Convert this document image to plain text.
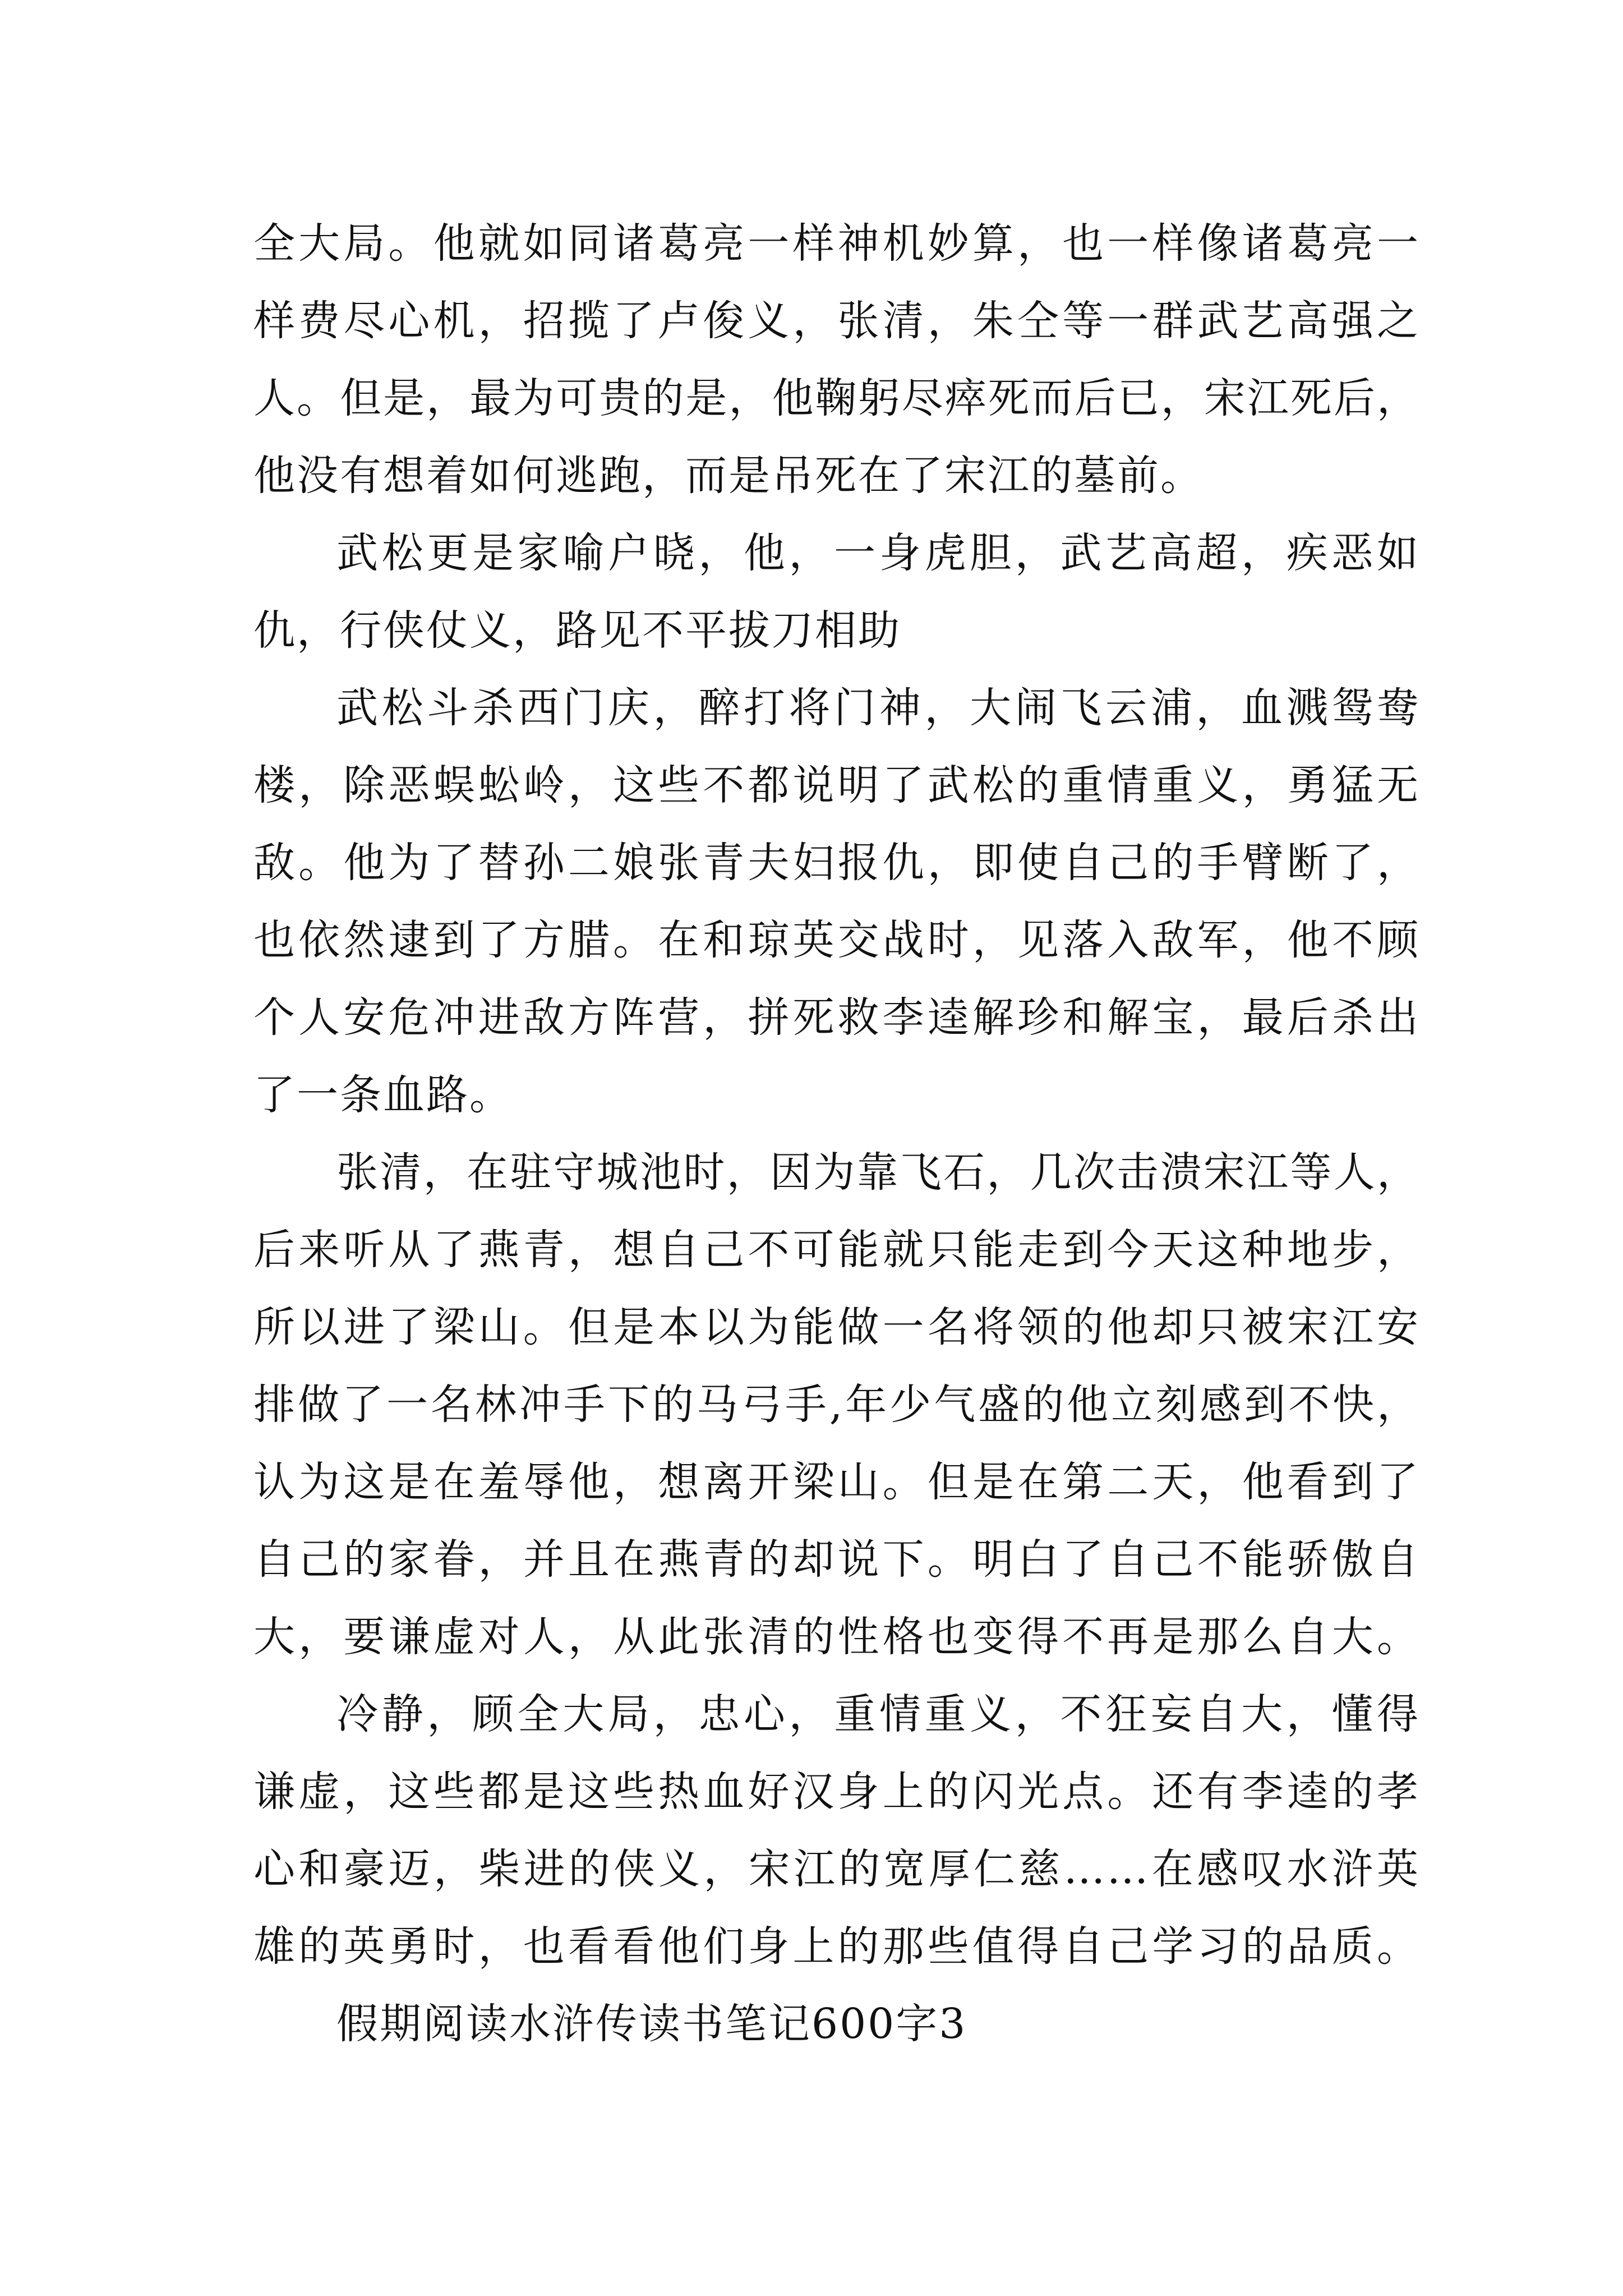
全大局。他就如同诸葛亮一样神机妙算，也一样像诸葛亮一
样费尽心机，招揽了卢俊义，张清，朱仝等一群武艺高强之
人。但是，最为可贵的是，他鞠躬尽瘁死而后已，宋江死后，
他没有想着如何逃跑，而是吊死在了宋江的墓前。
武松更是家喻户晓，他，一身虎胆，武艺高超，疾恶如
仇，行侠仗义，路见不平拔刀相助
武松斗杀西门庆，醉打将门神，大闹飞云浦，血溅鸳鸯
楼，除恶蜈蚣岭，这些不都说明了武松的重情重义，勇猛无
敌。他为了替孙二娘张青夫妇报仇，即使自己的手臂断了，
也依然逮到了方腊。在和琼英交战时，见落入敌军，他不顾
个人安危冲进敌方阵营，拼死救李逵解珍和解宝，最后杀出
了一条血路。
张清，在驻守城池时，因为靠飞石，几次击溃宋江等人，
后来听从了燕青，想自己不可能就只能走到今天这种地步，
所以进了梁山。但是本以为能做一名将领的他却只被宋江安
排做了一名林冲手下的马弓手,年少气盛的他立刻感到不快，
认为这是在羞辱他，想离开梁山。但是在第二天，他看到了
自己的家眷，并且在燕青的却说下。明白了自己不能骄傲自
大，要谦虚对人，从此张清的性格也变得不再是那么自大。
冷静，顾全大局，忠心，重情重义，不狂妄自大，懂得
谦虚，这些都是这些热血好汉身上的闪光点。还有李逵的孝
心和豪迈，柴进的侠义，宋江的宽厚仁慈……在感叹水浒英
雄的英勇时，也看看他们身上的那些值得自己学习的品质。
假期阅读水浒传读书笔记600字3
